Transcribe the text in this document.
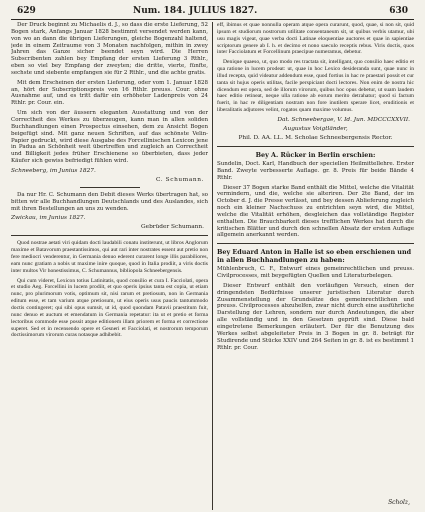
629	Num. 184. JULIUS 1827.	630

Der Druck beginnt zu Michaelis d. J., so dass die erste Lieferung, 52 Bogen stark, Anfangs Januar 1828 bestimmt versendet werden kann, von wo an dann die übrigen Lieferungen, gleiche Bogenzahl haltend, jede in einem Zeitraume von 3 Monaten nachfolgen, mithin in zwey Jahren das Ganze sicher beendet seyn wird. Die Herren Subscribenten zahlen bey Empfang der ersten Lieferung 3 Rthlr., eben so viel bey Empfang der zweyten; die dritte, vierte, fünfte, sechste und siebente empfangen sie für 2 Rthlr., und die achte gratis.

Mit dem Erscheinen der ersten Lieferung, oder vom 1. Januar 1828 an, hört der Subscriptionspreis von 16 Rthlr. preuss. Cour. ohne Ausnahme auf, und es tritt dafür ein erhöheter Ladenpreis von 24 Rthlr. pr. Cour. ein.

Um sich von der äussern eleganten Ausstattung und von der Correctheit des Werkes zu überzeugen, kann man in allen soliden Buchhandlungen einen Prospectus einsehen, dem zu Ansicht Bogen beigefügt sind. Mit ganz neuen Schriften, auf das schönste Velin-Papier gedruckt, wird diese Ausgabe des Forcellinischen Lexicon jene in Padua an Schönheit weit übertreffen und zugleich an Correctheit und Billigkeit jedes früher Erschienene so überbieten, dass jeder Käufer sich gewiss befriedigt fühlen wird.

Schneeberg, im Junius 1827.

C. Schumann.

Da nur Hr. C. Schumann den Debit dieses Werks übertragen hat, so bitten wir alle Buchhandlungen Deutschlands und des Auslandes, sich mit ihren Bestellungen an uns zu wenden.

Zwickau, im Junius 1827.

Gebrüder Schumann.

Quod nostrae aetati viri quidam docti laudabili conatu institerunt, ut libros Anglorum maxime et Batavorum praestantissimos, qui aut rari inter nostrates essent aut pretio non fere mediocri venderentur, in Germania denuo ederent curarent longe illis parabiliores, eam nunc gratiam a nobis ut maxime inire quoque, quod in Italia prodiit, a viris doctis inter multos Vir honestissimus, C. Schumannus, bibliopola Schneebergensis.

Qui cum videret, Lexicon totius Latinitatis, quod consilio et cura I. Facciolati, opera et studio Aeg. Forcellini in lucem prodiit, et quo operis ipsius tanta est copia, ut etiam nunc, pro plurimorum votis, optimum sit, nisi rarum et pretiosum, non in Germania editum esse, et tam varium atque pretiosum, ut eius operis usus paucis tantummodo doctis contingeret; qui sibi opus sumsit, ut id, quod quondam Patavii praestitum fuit, nunc denuo et auctum et emendatum in Germania repetatur: ita ut et pretio et forma lectoribus commode esse possit atque editionem illam priorem et forma et correctione superet. Sed et in recensendo opere et Gesneri et Facciolati, et nostrorum temporum doctissimorum virorum curas notasque adhibebit.

eff, ibimus et quae nonnulla operam atque opera curarunt, quod, quae, si non sit, quid ipsum et studiorum nostrorum utilitate consentaneum sit, ut quibus verbis utamur, ubi usu magis vigeat, quae verba docti Latinae eloquentiae auctores et quae in sapientiae scriptorum genere ab I. h. et decimo et nono saeculo receptis rebus. Viris doctis, quos inter Facciolatum et Forcellinum praecipue numeramus, debetur.

Denique quaeso, ut, quo modo res tractata sit, intelligant, quo consilio haec editio et qua ratione in lucem prodeat: ut, quae in hoc Lexico desideranda sunt, quae nunc in illud recepta, quid videatur addendum esse, quod fortius in hac re praestari possit et cur tanta sit hujus operis utilitas, facile perspiciant docti lectores. Non enim de nostra hic dicendum est opera, sed de illorum virorum, quibus hoc opus debetur, ut suam laudem haec editio retineat, neque ulla ratione ab eorum merito detrahatur; quod si factum fuerit, in hac re diligentiam nostram non fore inutilem sperare licet, eruditionis et liberalitatis adjutores velint, rogatos quam maxime volumus.

Dat. Schneebergae, V. Id. Jun. MDCCCXXVII.

Augustus Voigtländer,

Phil. D. AA. LL. M. Scholae Schneebergensis Rector.

Bey A. Rücker in Berlin erschien:

Sundelin, Doct. Karl, Handbuch der speciellen Heilmittellehre. Erster Band. Zweyte verbesserte Auflage. gr. 8. Preis für beide Bände 4 Rthlr.

Dieser 37 Bogen starke Band enthält die Mittel, welche die Vitalität vermindern, und die, welche sie alteriren. Der 2te Band, der im October d. J. die Presse verlässt, und bey dessen Ablieferung zugleich noch ein kleiner Nachschuss zu entrichten seyn wird, die Mittel, welche die Vitalität erhöhen, desgleichen das vollständige Register enthalten. Die Brauchbarkeit dieses trefflichen Werkes hat durch die kritischen Blätter und durch den schnellen Absatz der ersten Auflage allgemein anerkannt werden.

Bey Eduard Anton in Halle ist so eben erschienen und in allen Buchhandlungen zu haben:

Mühlenbruch, C. F., Entwurf eines gemeinrechtlichen und preuss. Civilprocesses, mit beygefügten Quellen und Literaturbelegen.

Dieser Entwurf enthält den vorläufigen Versuch, einen der dringendsten Bedürfnisse unserer juristischen Literatur durch Zusammenstellung der Grundsätze des gemeinrechtlichen und preuss. Civilprocesses abzuhelfen, zwar nicht durch eine ausführliche Darstellung der Lehren, sondern nur durch Andeutungen, die aber alle vollständig und in den Gesetzen geprüft sind. Diese bald eingetretene Bemerkungen erläutert. Der für die Benutzung des Werkes selbst abgeleiteter Preis in 3 Bogen in gr. 8. beträgt für Studirende und Stücke XXIV und 264 Seiten in gr. 8. ist es bestimmt 1 Rthlr. pr. Cour.

Scholz,
